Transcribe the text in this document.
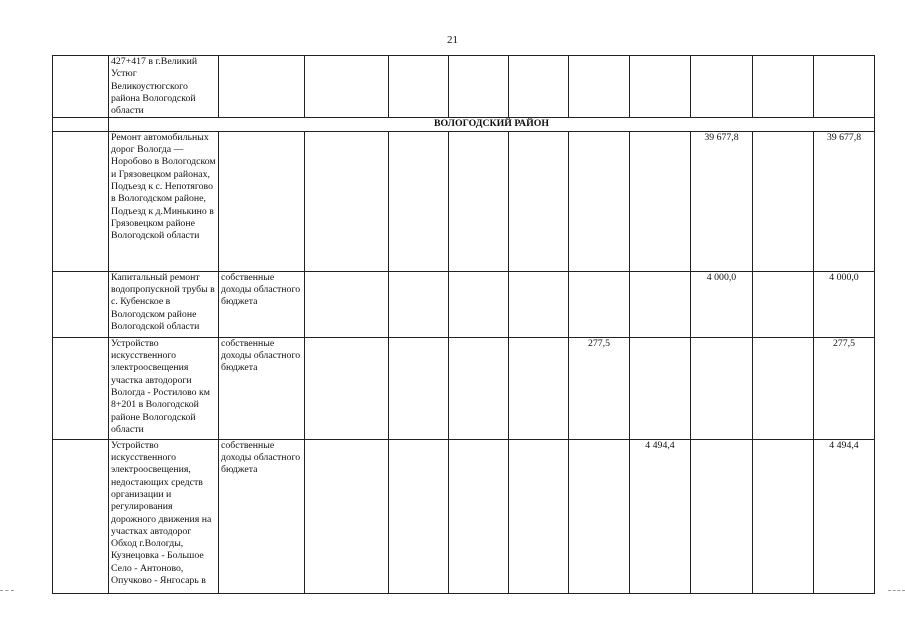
21
	427+417 в г.Великий Устюг Великоустюгского района Вологодской области										
	ВОЛОГОДСКИЙ РАЙОН										
	Ремонт автомобильных дорог Вологда — Норобово в Вологодском и Грязовецком районах, Подъезд к с. Непотягово в Вологодском районе, Подъезд к д.Минькино в Грязовецком районе Вологодской области								39 677,8		39 677,8
	Капитальный ремонт водопропускной трубы в с. Кубенское в Вологодском районе Вологодской области	собственные доходы областного бюджета							4 000,0		4 000,0
	Устройство искусственного электроосвещения участка автодороги Вологда - Ростилово км 8+201 в Вологодской районе Вологодской области	собственные доходы областного бюджета					277,5				277,5
	Устройство искусственного электроосвещения, недостающих средств организации и регулирования дорожного движения на участках автодорог Обход г.Вологды, Кузнецовка - Большое Село - Антоново, Опучково - Янгосарь в	собственные доходы областного бюджета						4 494,4			4 494,4
